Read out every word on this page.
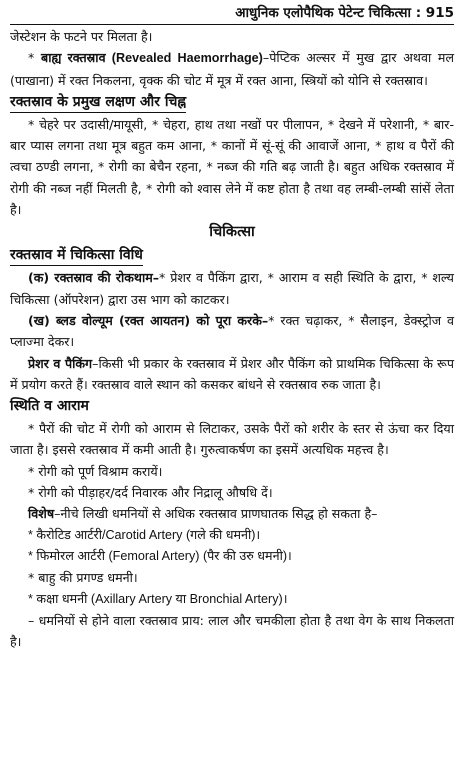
आधुनिक एलोपैथिक पेटेन्ट चिकित्सा : 915

जेस्टेशन के फटने पर मिलता है।

* बाह्य रक्तस्राव (Revealed Haemorrhage)–पेप्टिक अल्सर में मुख द्वार अथवा मल (पाखाना) में रक्त निकलना, वृक्क की चोट में मूत्र में रक्त आना, स्त्रियों को योनि से रक्तस्राव।

रक्तस्राव के प्रमुख लक्षण और चिह्न

* चेहरे पर उदासी/मायूसी, * चेहरा, हाथ तथा नखों पर पीलापन, * देखने में परेशानी, * बार-बार प्यास लगना तथा मूत्र बहुत कम आना, * कानों में सूं-सूं की आवाजें आना, * हाथ व पैरों की त्वचा ठण्डी लगना, * रोगी का बेचैन रहना, * नब्ज की गति बढ़ जाती है। बहुत अधिक रक्तस्राव में रोगी की नब्ज नहीं मिलती है, * रोगी को श्वास लेने में कष्ट होता है तथा वह लम्बी-लम्बी सांसें लेता है।

चिकित्सा
रक्तस्राव में चिकित्सा विधि

(क) रक्तस्राव की रोकथाम–* प्रेशर व पैकिंग द्वारा, * आराम व सही स्थिति के द्वारा, * शल्य चिकित्सा (ऑपरेशन) द्वारा उस भाग को काटकर।

(ख) ब्लड वोल्यूम (रक्त आयतन) को पूरा करके–* रक्त चढ़ाकर, * सैलाइन, डेक्स्ट्रोज व प्लाज्मा देकर।

प्रेशर व पैकिंग–किसी भी प्रकार के रक्तस्राव में प्रेशर और पैकिंग को प्राथमिक चिकित्सा के रूप में प्रयोग करते हैं। रक्तस्राव वाले स्थान को कसकर बांधने से रक्तस्राव रुक जाता है।

स्थिति व आराम

* पैरों की चोट में रोगी को आराम से लिटाकर, उसके पैरों को शरीर के स्तर से ऊंचा कर दिया जाता है। इससे रक्तस्राव में कमी आती है। गुरुत्वाकर्षण का इसमें अत्यधिक महत्त्व है।

* रोगी को पूर्ण विश्राम करायें।

* रोगी को पीड़ाहर/दर्द निवारक और निद्रालू औषधि दें।

विशेष–नीचे लिखी धमनियों से अधिक रक्तस्राव प्राणघातक सिद्ध हो सकता है–

* कैरोटिड आर्टरी/Carotid Artery (गले की धमनी)।

* फिमोरल आर्टरी (Femoral Artery) (पैर की उरु धमनी)।

* बाहु की प्रगण्ड धमनी।

* कक्षा धमनी (Axillary Artery या Bronchial Artery)।

– धमनियों से होने वाला रक्तस्राव प्राय: लाल और चमकीला होता है तथा वेग के साथ निकलता है।
